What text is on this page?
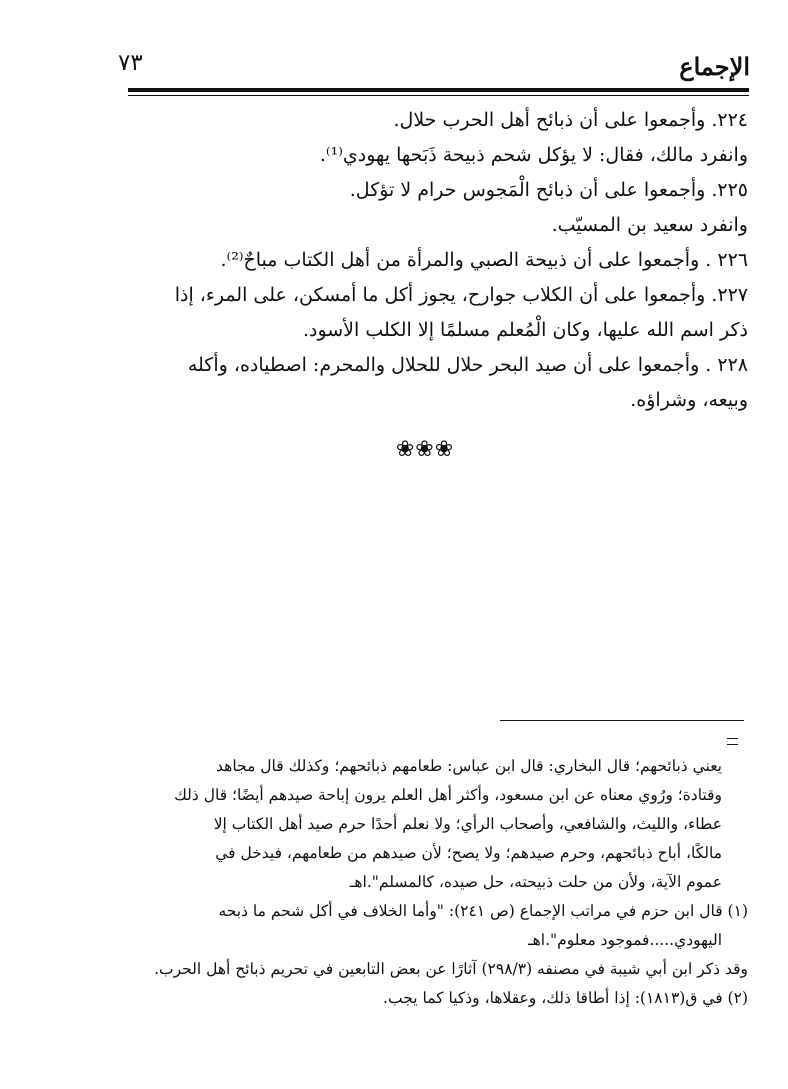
الإجماع
٧٣

٢٢٤. وأجمعوا على أن ذبائح أهل الحرب حلال.

وانفرد مالك، فقال: لا يؤكل شحم ذبيحة ذَبَحها يهودي⁽¹⁾.

٢٢٥. وأجمعوا على أن ذبائح الْمَجوس حرام لا تؤكل.

وانفرد سعيد بن المسيّب.

٢٢٦ . وأجمعوا على أن ذبيحة الصبي والمرأة من أهل الكتاب مباحٌ⁽²⁾.

٢٢٧. وأجمعوا على أن الكلاب جوارح، يجوز أكل ما أمسكن، على المرء، إذا

ذكر اسم الله عليها، وكان الْمُعلم مسلمًا إلا الكلب الأسود.

٢٢٨ . وأجمعوا على أن صيد البحر حلال للحلال والمحرم: اصطياده، وأكله

وبيعه، وشراؤه.

❀❀❀

يعني ذبائحهم؛ قال البخاري: قال ابن عباس: طعامهم ذبائحهم؛ وكذلك قال مجاهد

وقتادة؛ ورُوي معناه عن ابن مسعود، وأكثر أهل العلم يرون إباحة صيدهم أيضًا؛ قال ذلك

عطاء، والليث، والشافعي، وأصحاب الرأي؛ ولا نعلم أحدًا حرم صيد أهل الكتاب إلا

مالكًا، أباح ذبائحهم، وحرم صيدهم؛ ولا يصح؛ لأن صيدهم من طعامهم، فيدخل في

عموم الآية، ولأن من حلت ذبيحته، حل صيده، كالمسلم".اهـ

(١) قال ابن حزم في مراتب الإجماع (ص ٢٤١): "وأما الخلاف في أكل شحم ما ذبحه

اليهودي.....فموجود معلوم".اهـ

وقد ذكر ابن أبي شيبة في مصنفه (٢٩٨/٣) آثارًا عن بعض التابعين في تحريم ذبائح أهل الحرب.

(٢) في ق(١٨١٣): إذا أطاقا ذلك، وعقلاها، وذكيا كما يجب.
